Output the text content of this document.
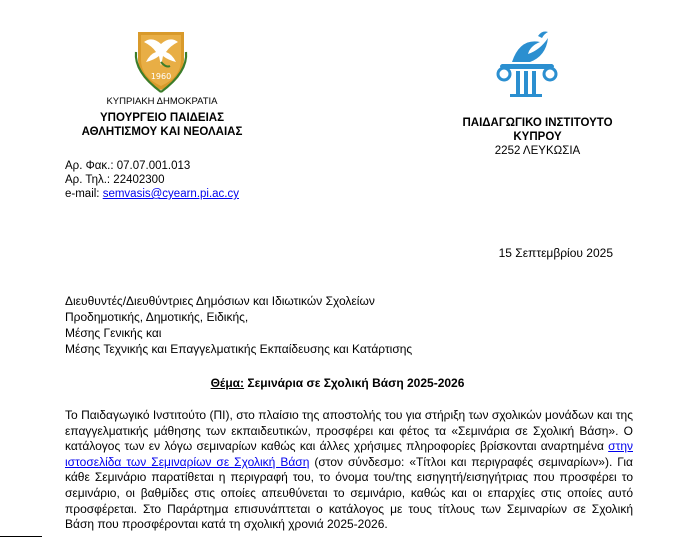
1960
ΚΥΠΡΙΑΚΗ ΔΗΜΟΚΡΑΤΙΑ
ΥΠΟΥΡΓΕΙΟ ΠΑΙΔΕΙΑΣ
ΑΘΛΗΤΙΣΜΟΥ ΚΑΙ ΝΕΟΛΑΙΑΣ
ΠΑΙΔΑΓΩΓΙΚΟ ΙΝΣΤΙΤΟΥΤΟ
ΚΥΠΡΟΥ
2252 ΛΕΥΚΩΣΙΑ
Αρ. Φακ.: 07.07.001.013
Αρ. Τηλ.: 22402300
e-mail: semvasis@cyearn.pi.ac.cy
15 Σεπτεμβρίου 2025
Διευθυντές/Διευθύντριες Δημόσιων και Ιδιωτικών Σχολείων
Προδημοτικής, Δημοτικής, Ειδικής,
Μέσης Γενικής και
Μέσης Τεχνικής και Επαγγελματικής Εκπαίδευσης και Κατάρτισης
Θέμα: Σεμινάρια σε Σχολική Βάση 2025-2026
Το Παιδαγωγικό Ινστιτούτο (ΠΙ), στο πλαίσιο της αποστολής του για στήριξη των σχολικών μονάδων και της επαγγελματικής μάθησης των εκπαιδευτικών, προσφέρει και φέτος τα «Σεμινάρια σε Σχολική Βάση». Ο κατάλογος των εν λόγω σεμιναρίων καθώς και άλλες χρήσιμες πληροφορίες βρίσκονται αναρτημένα στην ιστοσελίδα των Σεμιναρίων σε Σχολική Βάση (στον σύνδεσμο: «Τίτλοι και περιγραφές σεμιναρίων»). Για κάθε Σεμινάριο παρατίθεται η περιγραφή του, το όνομα του/της εισηγητή/εισηγήτριας που προσφέρει το σεμινάριο, οι βαθμίδες στις οποίες απευθύνεται το σεμινάριο, καθώς και οι επαρχίες στις οποίες αυτό προσφέρεται. Στο Παράρτημα επισυνάπτεται ο κατάλογος με τους τίτλους των Σεμιναρίων σε Σχολική Βάση που προσφέρονται κατά τη σχολική χρονιά 2025-2026.
